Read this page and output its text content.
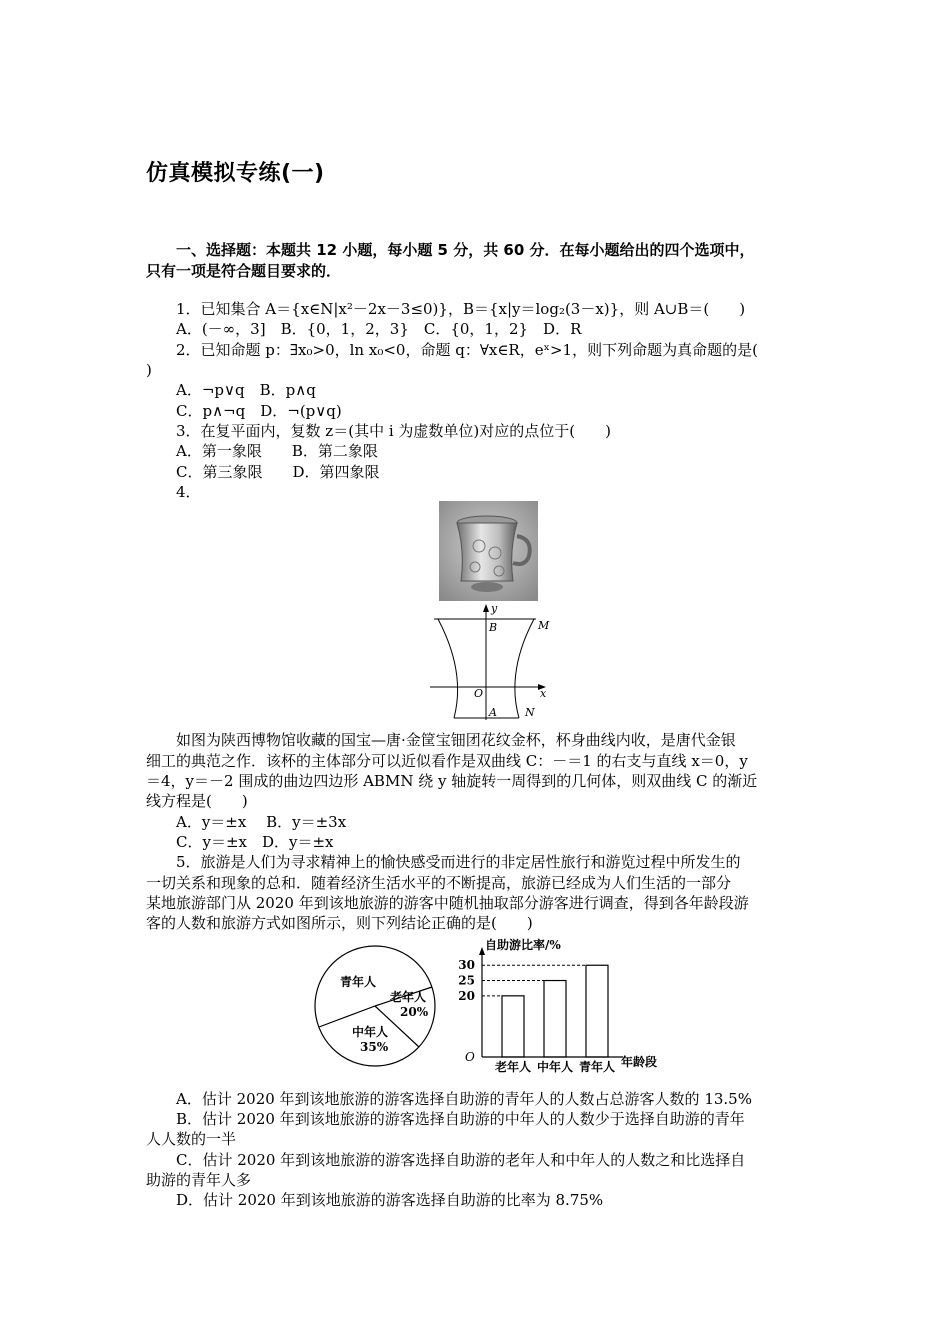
仿真模拟专练(一)
一、选择题：本题共 12 小题，每小题 5 分，共 60 分．在每小题给出的四个选项中，
只有一项是符合题目要求的．
1．已知集合 A＝{x∈N|x²－2x－3≤0)}，B＝{x|y＝log₂(3－x)}，则 A∪B＝(　　)
A．(－∞，3]　B．{0，1，2，3}　C．{0，1，2}　D．R
2．已知命题 p：∃x₀>0，ln x₀<0，命题 q：∀x∈R，eˣ>1，则下列命题为真命题的是(
)
A．¬p∨q　B．p∧q
C．p∧¬q　D．¬(p∨q)
3．在复平面内，复数 z＝(其中 i 为虚数单位)对应的点位于(　　)
A．第一象限　　B．第二象限
C．第三象限　　D．第四象限
4．
y
x
B	M
O
A	N
如图为陕西博物馆收藏的国宝—唐·金筐宝钿团花纹金杯，杯身曲线内收，是唐代金银
细工的典范之作．该杯的主体部分可以近似看作是双曲线 C：－＝1 的右支与直线 x＝0，y
＝4，y＝－2 围成的曲边四边形 ABMN 绕 y 轴旋转一周得到的几何体，则双曲线 C 的渐近
线方程是(　　)
A．y＝±x　 B．y＝±3x
C．y＝±x　D．y＝±x
5．旅游是人们为寻求精神上的愉快感受而进行的非定居性旅行和游览过程中所发生的
一切关系和现象的总和．随着经济生活水平的不断提高，旅游已经成为人们生活的一部分
某地旅游部门从 2020 年到该地旅游的游客中随机抽取部分游客进行调查，得到各年龄段游
客的人数和旅游方式如图所示，则下列结论正确的是(　　)
青年人
老年人
20%
中年人
35%
自助游比率/%
O	年龄段
老年人 中年人 青年人
20
25
30
A．估计 2020 年到该地旅游的游客选择自助游的青年人的人数占总游客人数的 13.5%
B．估计 2020 年到该地旅游的游客选择自助游的中年人的人数少于选择自助游的青年
人人数的一半
C．估计 2020 年到该地旅游的游客选择自助游的老年人和中年人的人数之和比选择自
助游的青年人多
D．估计 2020 年到该地旅游的游客选择自助游的比率为 8.75%
